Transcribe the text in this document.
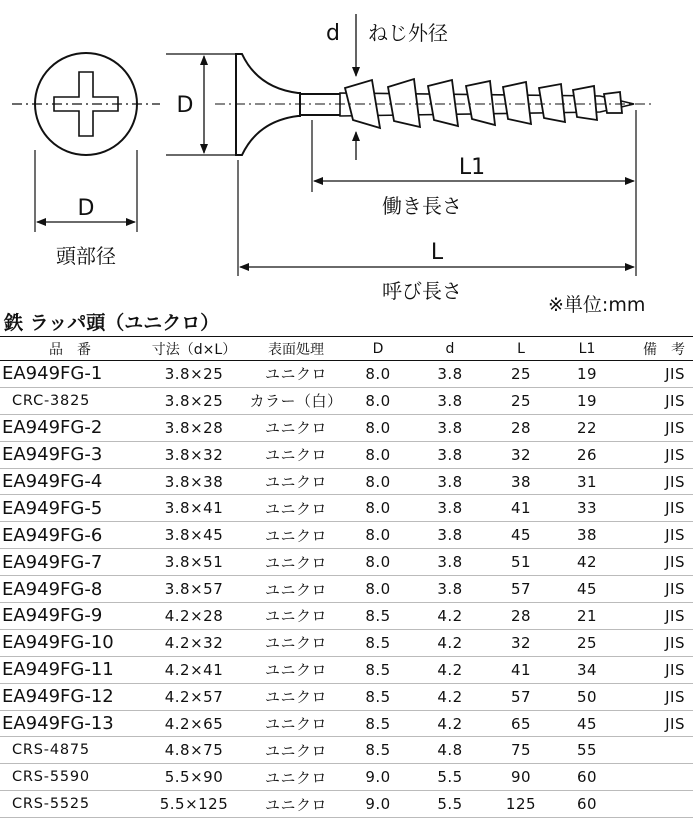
D
頭部径
D
d ねじ外径
L1
働き長さ
L
呼び長さ
※単位:mm
鉄 ラッパ頭（ユニクロ）
品　番	寸法（d×L）	表面処理	D	d	L	L1	備　考
EA949FG-1	3.8×25	ユニクロ	8.0	3.8	25	19	JIS
CRC-3825	3.8×25	カラー（白）	8.0	3.8	25	19	JIS
EA949FG-2	3.8×28	ユニクロ	8.0	3.8	28	22	JIS
EA949FG-3	3.8×32	ユニクロ	8.0	3.8	32	26	JIS
EA949FG-4	3.8×38	ユニクロ	8.0	3.8	38	31	JIS
EA949FG-5	3.8×41	ユニクロ	8.0	3.8	41	33	JIS
EA949FG-6	3.8×45	ユニクロ	8.0	3.8	45	38	JIS
EA949FG-7	3.8×51	ユニクロ	8.0	3.8	51	42	JIS
EA949FG-8	3.8×57	ユニクロ	8.0	3.8	57	45	JIS
EA949FG-9	4.2×28	ユニクロ	8.5	4.2	28	21	JIS
EA949FG-10	4.2×32	ユニクロ	8.5	4.2	32	25	JIS
EA949FG-11	4.2×41	ユニクロ	8.5	4.2	41	34	JIS
EA949FG-12	4.2×57	ユニクロ	8.5	4.2	57	50	JIS
EA949FG-13	4.2×65	ユニクロ	8.5	4.2	65	45	JIS
CRS-4875	4.8×75	ユニクロ	8.5	4.8	75	55	
CRS-5590	5.5×90	ユニクロ	9.0	5.5	90	60	
CRS-5525	5.5×125	ユニクロ	9.0	5.5	125	60	
